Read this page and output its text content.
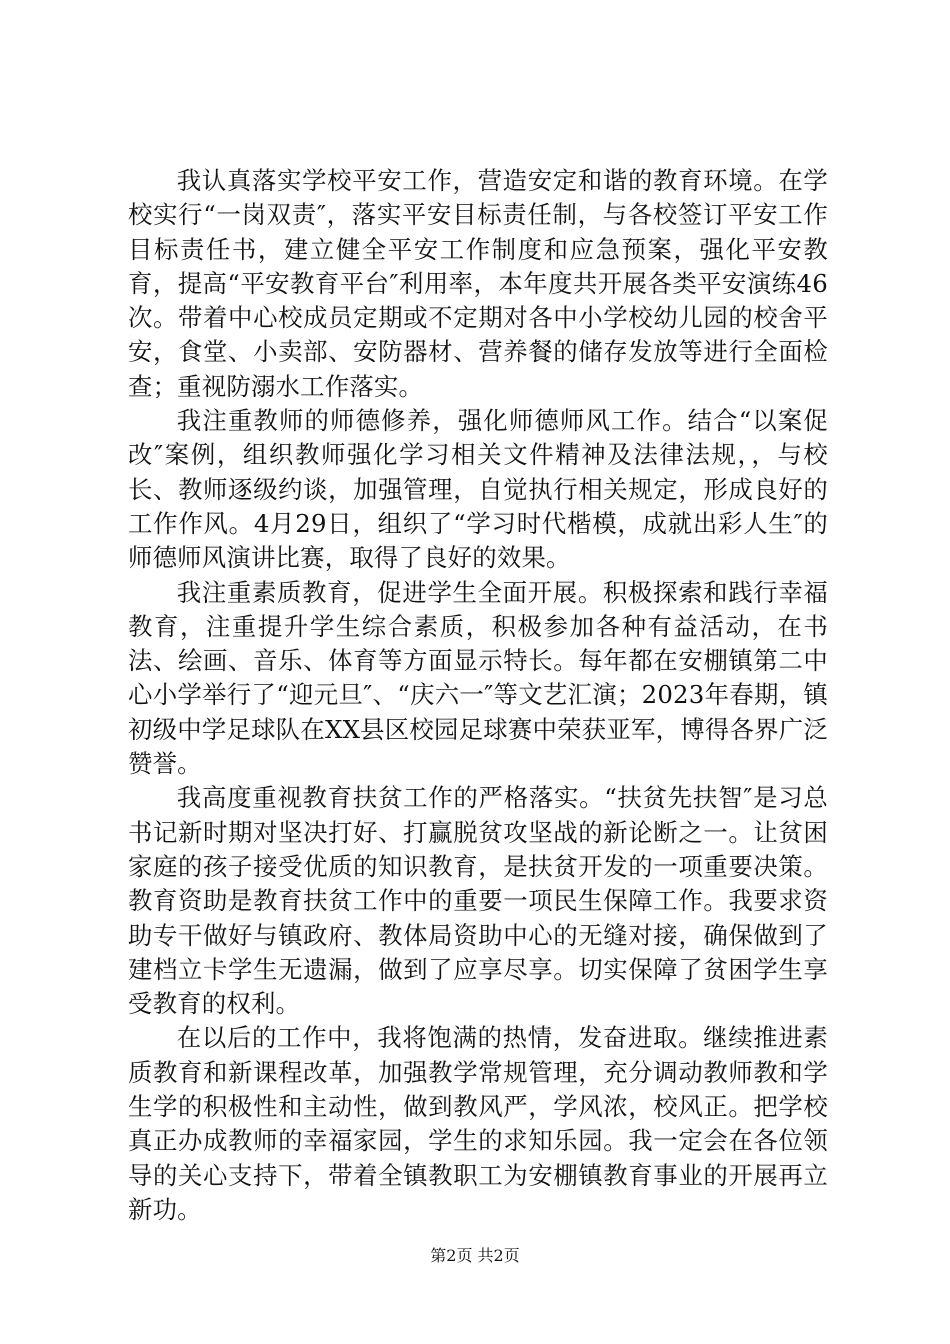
我认真落实学校平安工作，营造安定和谐的教育环境。在学校实行“一岗双责″，落实平安目标责任制，与各校签订平安工作目标责任书，建立健全平安工作制度和应急预案，强化平安教育，提高“平安教育平台″利用率，本年度共开展各类平安演练46次。带着中心校成员定期或不定期对各中小学校幼儿园的校舍平安，食堂、小卖部、安防器材、营养餐的储存发放等进行全面检查；重视防溺水工作落实。

我注重教师的师德修养，强化师德师风工作。结合“以案促改″案例，组织教师强化学习相关文件精神及法律法规，，与校长、教师逐级约谈，加强管理，自觉执行相关规定，形成良好的工作作风。4月29日，组织了“学习时代楷模，成就出彩人生″的师德师风演讲比赛，取得了良好的效果。

我注重素质教育，促进学生全面开展。积极探索和践行幸福教育，注重提升学生综合素质，积极参加各种有益活动，在书法、绘画、音乐、体育等方面显示特长。每年都在安棚镇第二中心小学举行了“迎元旦″、“庆六一″等文艺汇演；2023年春期，镇初级中学足球队在XX县区校园足球赛中荣获亚军，博得各界广泛赞誉。

我高度重视教育扶贫工作的严格落实。“扶贫先扶智″是习总书记新时期对坚决打好、打赢脱贫攻坚战的新论断之一。让贫困家庭的孩子接受优质的知识教育，是扶贫开发的一项重要决策。教育资助是教育扶贫工作中的重要一项民生保障工作。我要求资助专干做好与镇政府、教体局资助中心的无缝对接，确保做到了建档立卡学生无遗漏，做到了应享尽享。切实保障了贫困学生享受教育的权利。

在以后的工作中，我将饱满的热情，发奋进取。继续推进素质教育和新课程改革，加强教学常规管理，充分调动教师教和学生学的积极性和主动性，做到教风严，学风浓，校风正。把学校真正办成教师的幸福家园，学生的求知乐园。我一定会在各位领导的关心支持下，带着全镇教职工为安棚镇教育事业的开展再立新功。

第2页 共2页
